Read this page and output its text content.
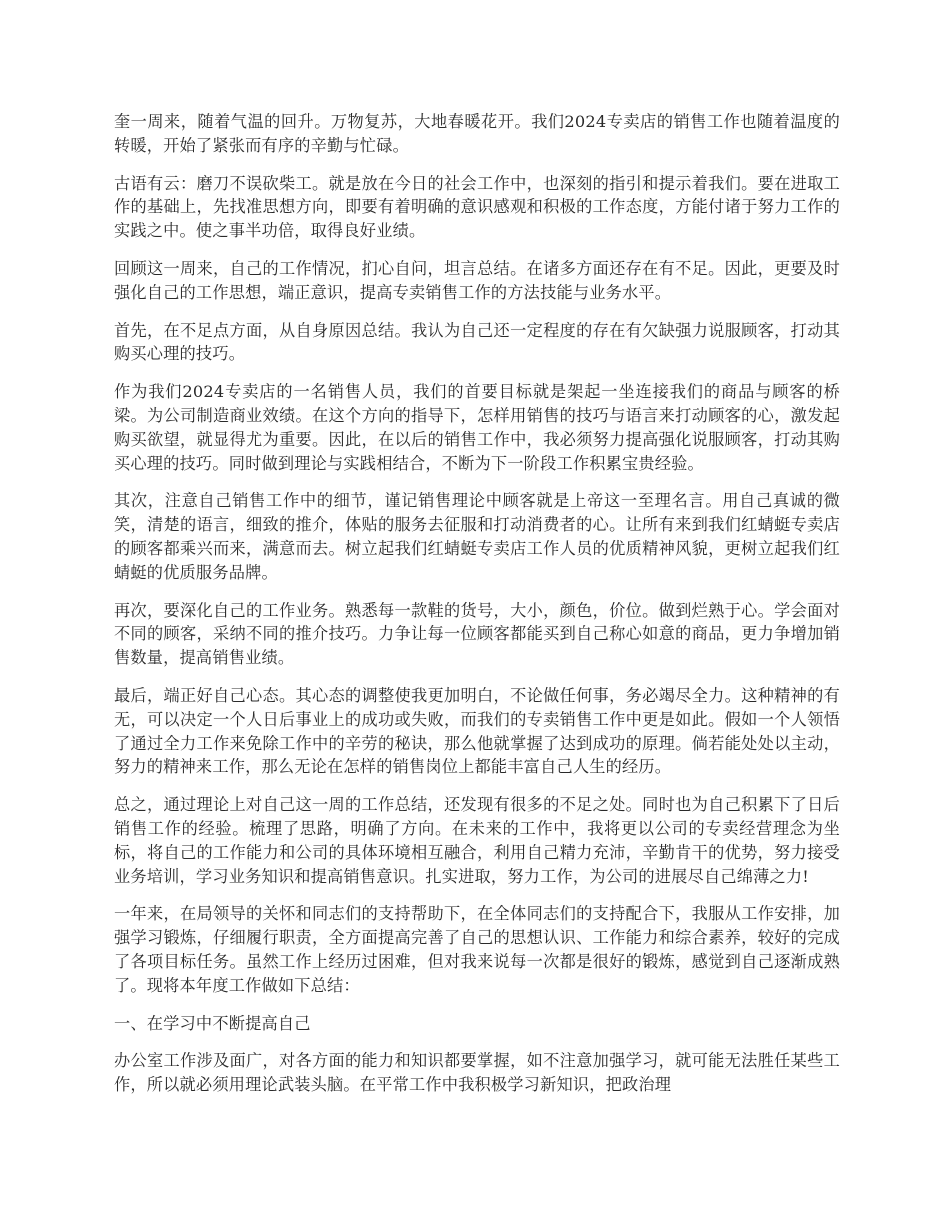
奎一周来，随着气温的回升。万物复苏，大地春暖花开。我们2024专卖店的销售工作也随着温度的转暖，开始了紧张而有序的辛勤与忙碌。

古语有云：磨刀不误砍柴工。就是放在今日的社会工作中，也深刻的指引和提示着我们。要在进取工作的基础上，先找准思想方向，即要有着明确的意识感观和积极的工作态度，方能付诸于努力工作的实践之中。使之事半功倍，取得良好业绩。

回顾这一周来，自己的工作情况，扪心自问，坦言总结。在诸多方面还存在有不足。因此，更要及时强化自己的工作思想，端正意识，提高专卖销售工作的方法技能与业务水平。

首先，在不足点方面，从自身原因总结。我认为自己还一定程度的存在有欠缺强力说服顾客，打动其购买心理的技巧。

作为我们2024专卖店的一名销售人员，我们的首要目标就是架起一坐连接我们的商品与顾客的桥梁。为公司制造商业效绩。在这个方向的指导下，怎样用销售的技巧与语言来打动顾客的心，激发起购买欲望，就显得尤为重要。因此，在以后的销售工作中，我必须努力提高强化说服顾客，打动其购买心理的技巧。同时做到理论与实践相结合，不断为下一阶段工作积累宝贵经验。

其次，注意自己销售工作中的细节，谨记销售理论中顾客就是上帝这一至理名言。用自己真诚的微笑，清楚的语言，细致的推介，体贴的服务去征服和打动消费者的心。让所有来到我们红蜻蜓专卖店的顾客都乘兴而来，满意而去。树立起我们红蜻蜓专卖店工作人员的优质精神风貌，更树立起我们红蜻蜓的优质服务品牌。

再次，要深化自己的工作业务。熟悉每一款鞋的货号，大小，颜色，价位。做到烂熟于心。学会面对不同的顾客，采纳不同的推介技巧。力争让每一位顾客都能买到自己称心如意的商品，更力争增加销售数量，提高销售业绩。

最后，端正好自己心态。其心态的调整使我更加明白，不论做任何事，务必竭尽全力。这种精神的有无，可以决定一个人日后事业上的成功或失败，而我们的专卖销售工作中更是如此。假如一个人领悟了通过全力工作来免除工作中的辛劳的秘诀，那么他就掌握了达到成功的原理。倘若能处处以主动，努力的精神来工作，那么无论在怎样的销售岗位上都能丰富自己人生的经历。

总之，通过理论上对自己这一周的工作总结，还发现有很多的不足之处。同时也为自己积累下了日后销售工作的经验。梳理了思路，明确了方向。在未来的工作中，我将更以公司的专卖经营理念为坐标，将自己的工作能力和公司的具体环境相互融合，利用自己精力充沛，辛勤肯干的优势，努力接受业务培训，学习业务知识和提高销售意识。扎实进取，努力工作，为公司的进展尽自己绵薄之力!

一年来，在局领导的关怀和同志们的支持帮助下，在全体同志们的支持配合下，我服从工作安排，加强学习锻炼，仔细履行职责，全方面提高完善了自己的思想认识、工作能力和综合素养，较好的完成了各项目标任务。虽然工作上经历过困难，但对我来说每一次都是很好的锻炼，感觉到自己逐渐成熟了。现将本年度工作做如下总结：

一、在学习中不断提高自己

办公室工作涉及面广，对各方面的能力和知识都要掌握，如不注意加强学习，就可能无法胜任某些工作，所以就必须用理论武装头脑。在平常工作中我积极学习新知识，把政治理
